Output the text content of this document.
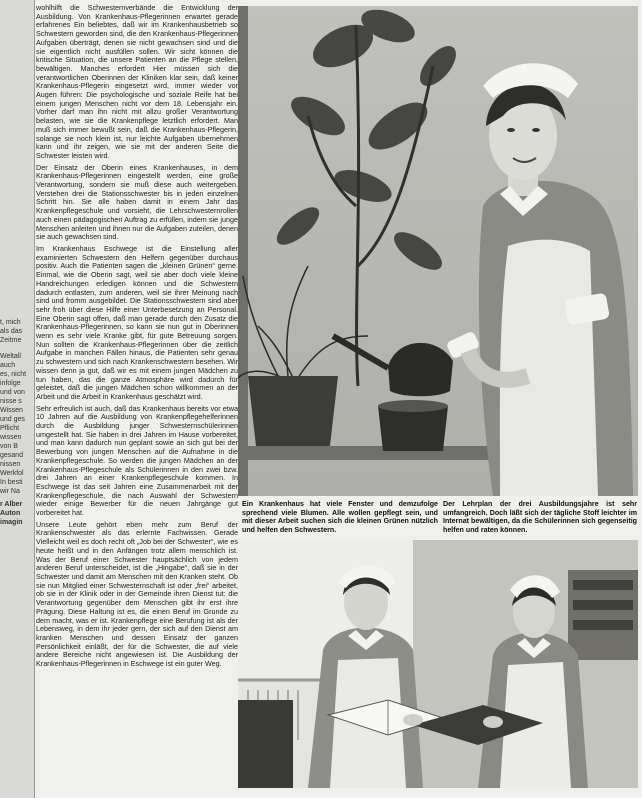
t, mich
als das
Zeitme
Weltall
auch
es, nicht
infolge
und von
nisse s
Wissen
und ges
Pflicht
wissen
von B
gesand
nissen
Werkfol
In besti
wir Na
r Alber
Auton
imagin

wohlhilft die Schwesternverbände die Entwicklung der Ausbildung. Von Krankenhaus-Pflegerinnen erwartet gerade erfahrenes Ein beliebtes, daß wir im Krankenhausbetrieb so Schwestern geworden sind, die den Krankenhaus-Pflegerinnen Aufgaben überträgt, denen sie nicht gewachsen sind und die sie eigentlich nicht ausfüllen sollen. Wir sicht können die kritische Situation, die unsere Patienten an die Pflege stellen, bewältigen. Manches erfordert Hier müssen sich die verantwortlichen Oberinnen der Kliniken klar sein, daß keiner Krankenhaus-Pflegerin eingesetzt wird, immer wieder vor Augen führen: Die psychologische und soziale Reife hat bei einem jungen Menschen nicht vor dem 18. Lebensjahr ein. Vorher darf man ihn nicht mit allzu großer Verantwortung belasten, wie sie die Krankenpflege letztlich erfordert. Man muß sich immer bewußt sein, daß die Krankenhaus-Pflegerin, solange sie noch klein ist, nur leichte Aufgaben übernehmen kann und ihr zeigen, wie sie mit der anderen Seite die Schwester leisten wird.

Der Einsatz der Oberin eines Krankenhauses, in dem Krankenhaus-Pflegerinnen eingestellt werden, eine große Verantwortung, sondern sie muß diese auch weitergeben. Verstehen drei die Stationsschwester bis in jeden einzelnen Schritt hin. Sie alle haben damit in einem Jahr das Krankenpflegeschule und vorsieht, die Lehrschwesternrollen auch einen pädagogischen Auftrag zu erfüllen, indem sie junge Menschen anleiten und ihnen nur die Aufgaben zuteilen, denen sie auch gewachsen sind.

Im Krankenhaus Eschwege ist die Einstellung aller examinierten Schwestern den Helfern gegenüber durchaus positiv. Auch die Patienten sagen die „kleinen Grünen“ gerne. Einmal, wie die Oberin sagt, weil sie aber doch viele kleine Handreichungen erledigen können und die Schwestern dadurch entlasten, zum anderen, weil sie ihrer Meinung nach sind und fromm ausgebildet. Die Stationsschwestern sind aber sehr froh über diese Hilfe einer Unterbesetzung an Personal. Eine Oberin sagt offen, daß man gerade durch den Zusatz die Krankenhaus-Pflegerinnen, so kann sie nun gut in Oberinnen wenn es sehr viele Kranke gibt, für gute Betreuung sorgen. Nun sollten die Krankenhaus-Pflegerinnen über die zeitlich Aufgabe in manchen Fällen hinaus, die Patienten sehr genau zu schwestern und sich nach Krankenschwestern besehen. Wir wissen denn ja gut, daß wir es mit einem jungen Mädchen zu tun haben, das die ganze Atmosphäre wird dadurch für geleistet, daß die jungen Mädchen schon willkommen an der Arbeit und die Arbeit in Krankenhaus geschätzt wird.

Sehr erfreulich ist auch, daß das Krankenhaus bereits vor etwa 10 Jahren auf die Ausbildung von Krankenpflegehelferinnen durch die Ausbildung junger Schwesternschülerinnen umgestellt hat. Sie haben in drei Jahren im Hause vorbereitet, und man kann dadurch nun geplant sowie an sich gut bei der Bewerbung von jungen Menschen auf die Aufnahme in die Krankenpflegeschule. So werden die jungen Mädchen an der Krankenhaus-Pflegeschule als Schülerinnen in den zwei bzw. drei Jahren an einer Krankenpflegeschule kommen. In Eschwege ist das seit Jahren eine Zusammenarbeit mit der Krankenpflegeschule, die nach Auswahl der Schwestern wieder einige Bewerber für die neuen Jahrgänge gut vorbereitet hat.

Unsere Leute gehört eben mehr zum Beruf der Krankenschwester als das erlernte Fachwissen. Gerade Vielleicht weil es doch recht oft „Job bei der Schwester“, wie es heute heißt und in den Anfängen trotz allem menschlich ist. Was der Beruf einer Schwester hauptsächlich von jedem anderen Beruf unterscheidet, ist die „Hingabe“, daß sie in der Schwester und damit am Menschen mit den Kranken steht. Ob sie nun Mitglied einer Schwesternschaft ist oder „frei“ arbeitet, ob sie in der Klinik oder in der Gemeinde ihren Dienst tut: die Verantwortung gegenüber dem Menschen gibt ihr erst ihre Prägung. Diese Haltung ist es, die einen Beruf im Grunde zu dem macht, was er ist. Krankenpflege eine Berufung ist als der Lebensweg, in dem ihr jeder gern, der sich auf den Dienst am kranken Menschen und dessen Einsatz der ganzen Persönlichkeit einläßt, der für die Schwester, die auf viele andere Bereiche nicht angewiesen ist. Die Ausbildung der Krankenhaus-Pflegerinnen in Eschwege ist ein guter Weg.

Ein Krankenhaus hat viele Fenster und demzufolge sprechend viele Blumen. Alle wollen gepflegt sein, und mit dieser Arbeit suchen sich die kleinen Grünen nützlich und helfen den Schwestern.
Der Lehrplan der drei Ausbildungsjahre ist sehr umfangreich. Doch läßt sich der tägliche Stoff leichter im Internat bewältigen, da die Schülerinnen sich gegenseitig helfen und raten können.
